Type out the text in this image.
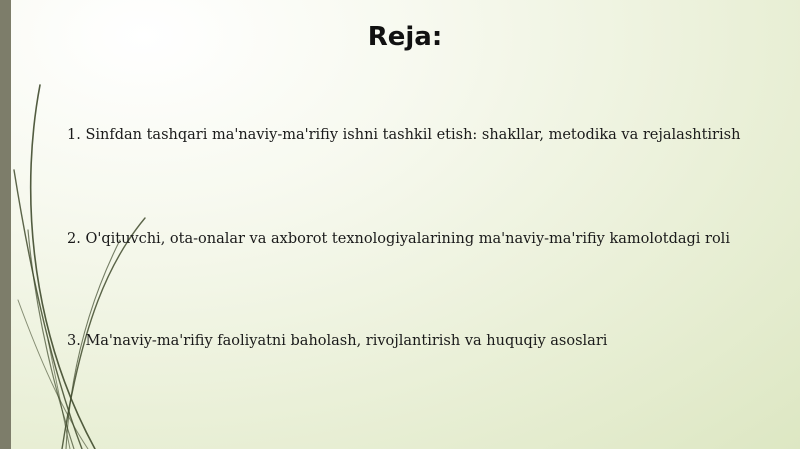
Reja:
1. Sinfdan tashqari ma'naviy-ma'rifiy ishni tashkil etish: shakllar, metodika va rejalashtirish
2. O'qituvchi, ota-onalar va axborot texnologiyalarining ma'naviy-ma'rifiy kamolotdagi roli
3. Ma'naviy-ma'rifiy faoliyatni baholash, rivojlantirish va huquqiy asoslari
